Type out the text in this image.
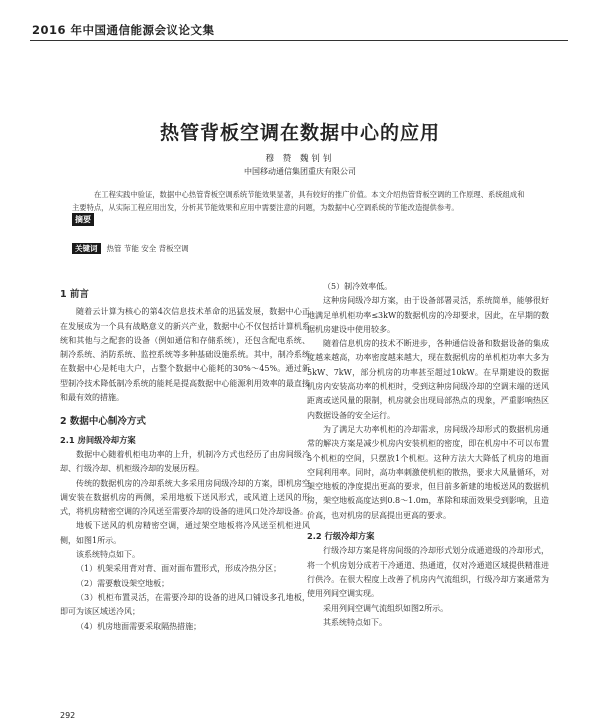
2016 年中国通信能源会议论文集
热管背板空调在数据中心的应用
穆 赞 魏钊钊
中国移动通信集团重庆有限公司
在工程实践中验证，数据中心热管背板空调系统节能效果显著，具有较好的推广价值。本文介绍热管背板空调的工作原理、系统组成和主要特点，从实际工程应用出发，分析其节能效果和应用中需要注意的问题，为数据中心空调系统的节能改造提供参考。
摘要
关键词 热管 节能 安全 背板空调
1 前言

随着云计算为核心的第4次信息技术革命的迅猛发展，数据中心正在发展成为一个具有战略意义的新兴产业，数据中心不仅包括计算机系统和其他与之配套的设备（例如通信和存储系统），还包含配电系统、制冷系统、消防系统、监控系统等多种基础设施系统。其中，制冷系统在数据中心是耗电大户，占整个数据中心能耗的30%～45%。通过新型制冷技术降低制冷系统的能耗是提高数据中心能源利用效率的最直接和最有效的措施。

2 数据中心制冷方式
2.1 房间级冷却方案

数据中心随着机柜电功率的上升，机制冷方式也经历了由房间级冷却、行级冷却、机柜级冷却的发展历程。

传统的数据机房的冷却系统大多采用房间级冷却的方案，即机房空调安装在数据机房的两侧，采用地板下送风形式，或风道上送风的形式，将机房精密空调的冷风送至需要冷却的设备的进风口处冷却设备。

地板下送风的机房精密空调，通过架空地板将冷风送至机柜进风侧，如图1所示。

该系统特点如下。

（1）机架采用背对背、面对面布置形式，形成冷热分区；

（2）需要敷设架空地板；

（3）机柜布置灵活，在需要冷却的设备的进风口铺设多孔地板，即可为该区域送冷风；

（4）机房地面需要采取隔热措施；

（5）制冷效率低。

这种房间级冷却方案，由于设备部署灵活，系统简单，能够很好地满足单机柜功率≤3kW的数据机房的冷却要求，因此，在早期的数据机房建设中使用较多。

随着信息机房的技术不断进步，各种通信设备和数据设备的集成度越来越高，功率密度越来越大，现在数据机房的单机柜功率大多为5kW、7kW，部分机房的功率甚至超过10kW。在早期建设的数据机房内安装高功率的机柜时，受到这种房间级冷却的空调末端的送风距离或送风量的限制，机房就会出现局部热点的现象，严重影响热区内数据设备的安全运行。

为了满足大功率机柜的冷却需求，房间级冷却形式的数据机房通常的解决方案是减少机房内安装机柜的密度，即在机房中不可以布置5个机柜的空间，只摆放1个机柜。这种方法大大降低了机房的地面空间利用率。同时，高功率刺激使机柜的散热，要求大风量循环，对架空地板的净度提出更高的要求，但目前多新建的地板送风的数据机房，架空地板高度达到0.8～1.0m，革除和球面效果受到影响，且造价高，也对机房的层高提出更高的要求。

2.2 行级冷却方案

行级冷却方案是将房间级的冷却形式划分成通道级的冷却形式，将一个机房划分成若干冷通道、热通道，仅对冷通道区域提供精准进行供冷。在很大程度上改善了机房内气流组织，行级冷却方案通常为使用列间空调实现。

采用列间空调气流组织如图2所示。

其系统特点如下。

292
